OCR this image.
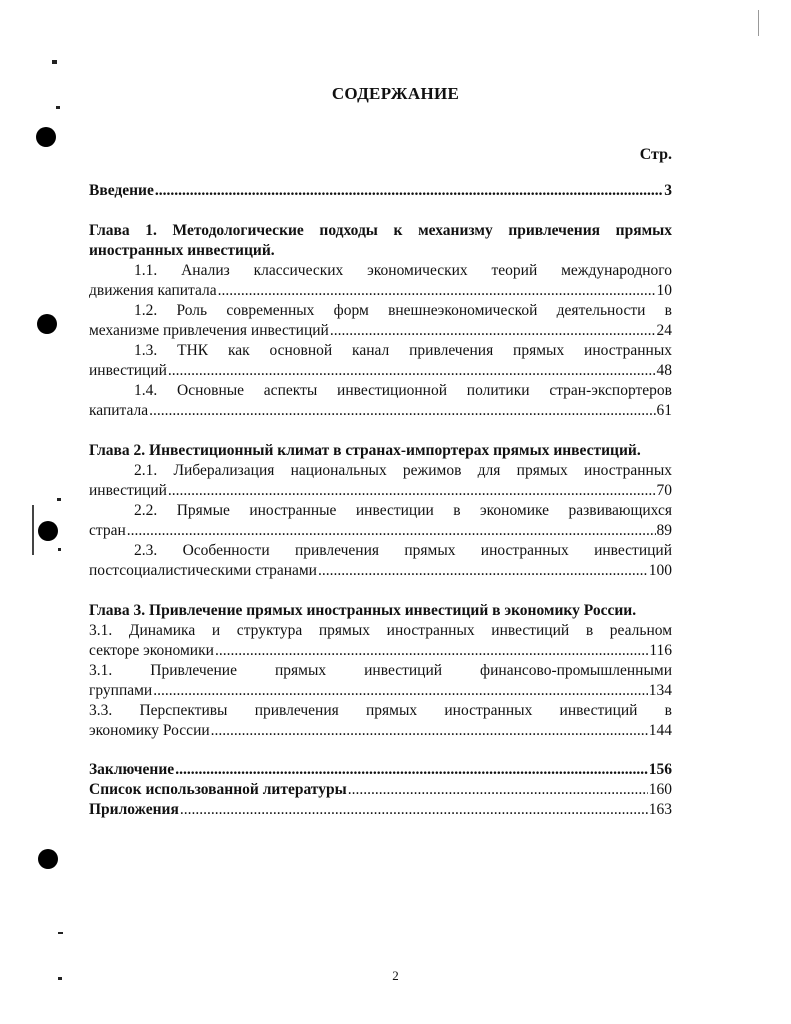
СОДЕРЖАНИЕ
Стр.
Введение .....	3
Глава 1. Методологические подходы к механизму привлечения прямых иностранных инвестиций.
1.1. Анализ классических экономических теорий международного
движения капитала .....	10
1.2. Роль современных форм внешнеэкономической деятельности в
механизме привлечения инвестиций .....	24
1.3. ТНК как основной канал привлечения прямых иностранных
инвестиций .....	48
1.4. Основные аспекты инвестиционной политики стран-экспортеров
капитала .....	61
Глава 2. Инвестиционный климат в странах-импортерах прямых инвестиций.
2.1. Либерализация национальных режимов для прямых иностранных
инвестиций .....	70
2.2. Прямые иностранные инвестиции в экономике развивающихся
стран .....	89
2.3. Особенности привлечения прямых иностранных инвестиций
постсоциалистическими странами .....	100
Глава 3. Привлечение прямых иностранных инвестиций в экономику России.
3.1. Динамика и структура прямых иностранных инвестиций в реальном
секторе экономики .....	116
3.1. Привлечение прямых инвестиций финансово-промышленными
группами .....	134
3.3. Перспективы привлечения прямых иностранных инвестиций в
экономику России .....	144
Заключение .....	156
Список использованной литературы .....	160
Приложения .....	163
2
